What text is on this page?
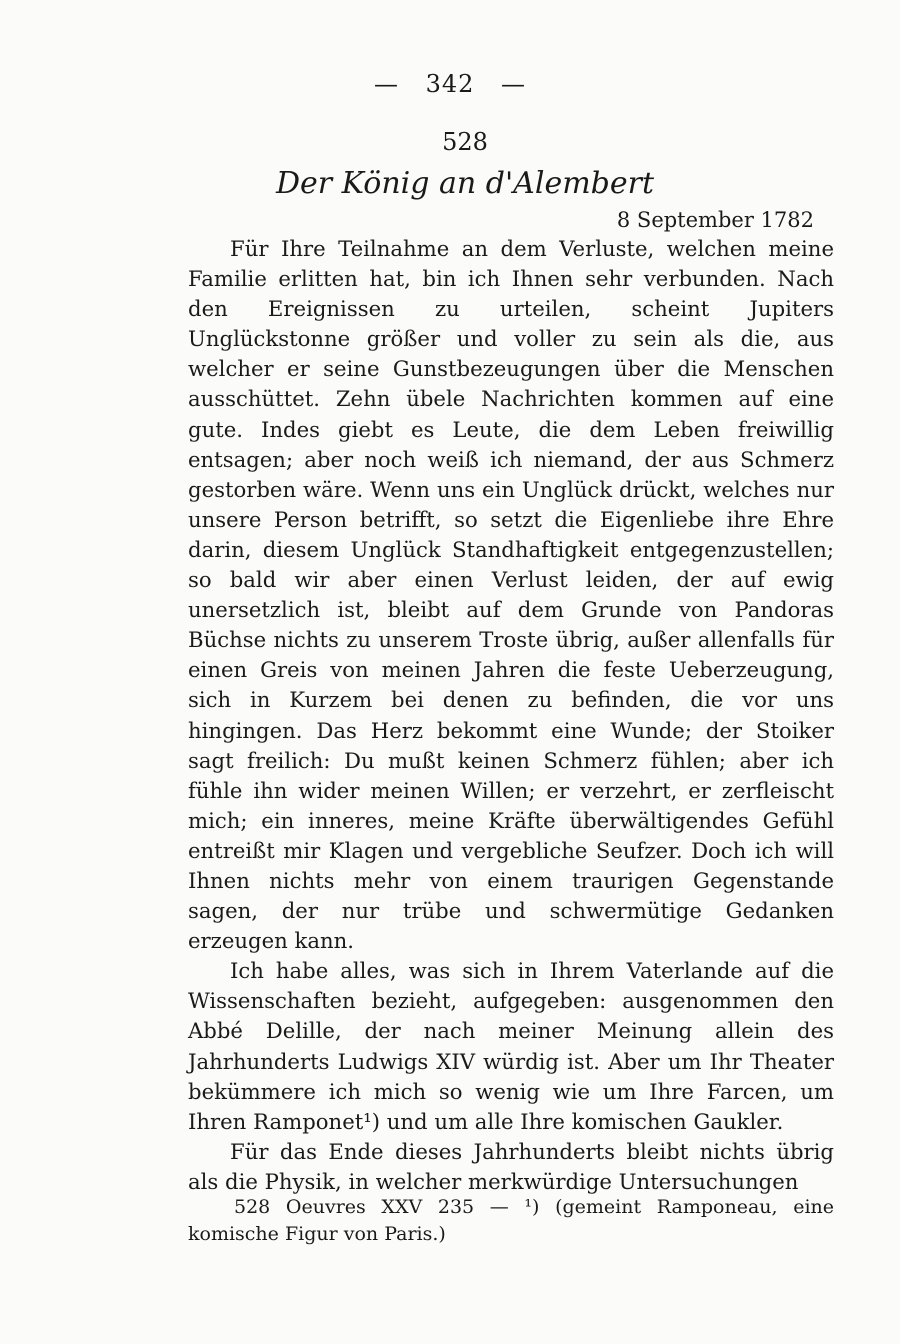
— 342 —
528
Der König an d'Alembert
8 September 1782

Für Ihre Teilnahme an dem Verluste, welchen meine Familie erlitten hat, bin ich Ihnen sehr verbunden. Nach den Ereignissen zu urteilen, scheint Jupiters Unglückstonne größer und voller zu sein als die, aus welcher er seine Gunstbezeugungen über die Menschen ausschüttet. Zehn übele Nachrichten kommen auf eine gute. Indes giebt es Leute, die dem Leben freiwillig entsagen; aber noch weiß ich niemand, der aus Schmerz gestorben wäre. Wenn uns ein Unglück drückt, welches nur unsere Person betrifft, so setzt die Eigenliebe ihre Ehre darin, diesem Unglück Standhaftigkeit entgegenzustellen; so bald wir aber einen Verlust leiden, der auf ewig unersetzlich ist, bleibt auf dem Grunde von Pandoras Büchse nichts zu unserem Troste übrig, außer allenfalls für einen Greis von meinen Jahren die feste Ueberzeugung, sich in Kurzem bei denen zu befinden, die vor uns hingingen. Das Herz bekommt eine Wunde; der Stoiker sagt freilich: Du mußt keinen Schmerz fühlen; aber ich fühle ihn wider meinen Willen; er verzehrt, er zerfleischt mich; ein inneres, meine Kräfte überwältigendes Gefühl entreißt mir Klagen und vergebliche Seufzer. Doch ich will Ihnen nichts mehr von einem traurigen Gegenstande sagen, der nur trübe und schwermütige Gedanken erzeugen kann.

Ich habe alles, was sich in Ihrem Vaterlande auf die Wissenschaften bezieht, aufgegeben: ausgenommen den Abbé Delille, der nach meiner Meinung allein des Jahrhunderts Ludwigs XIV würdig ist. Aber um Ihr Theater bekümmere ich mich so wenig wie um Ihre Farcen, um Ihren Ramponet¹) und um alle Ihre komischen Gaukler.

Für das Ende dieses Jahrhunderts bleibt nichts übrig als die Physik, in welcher merkwürdige Untersuchungen

528 Oeuvres XXV 235 — ¹) (gemeint Ramponeau, eine komische Figur von Paris.)
